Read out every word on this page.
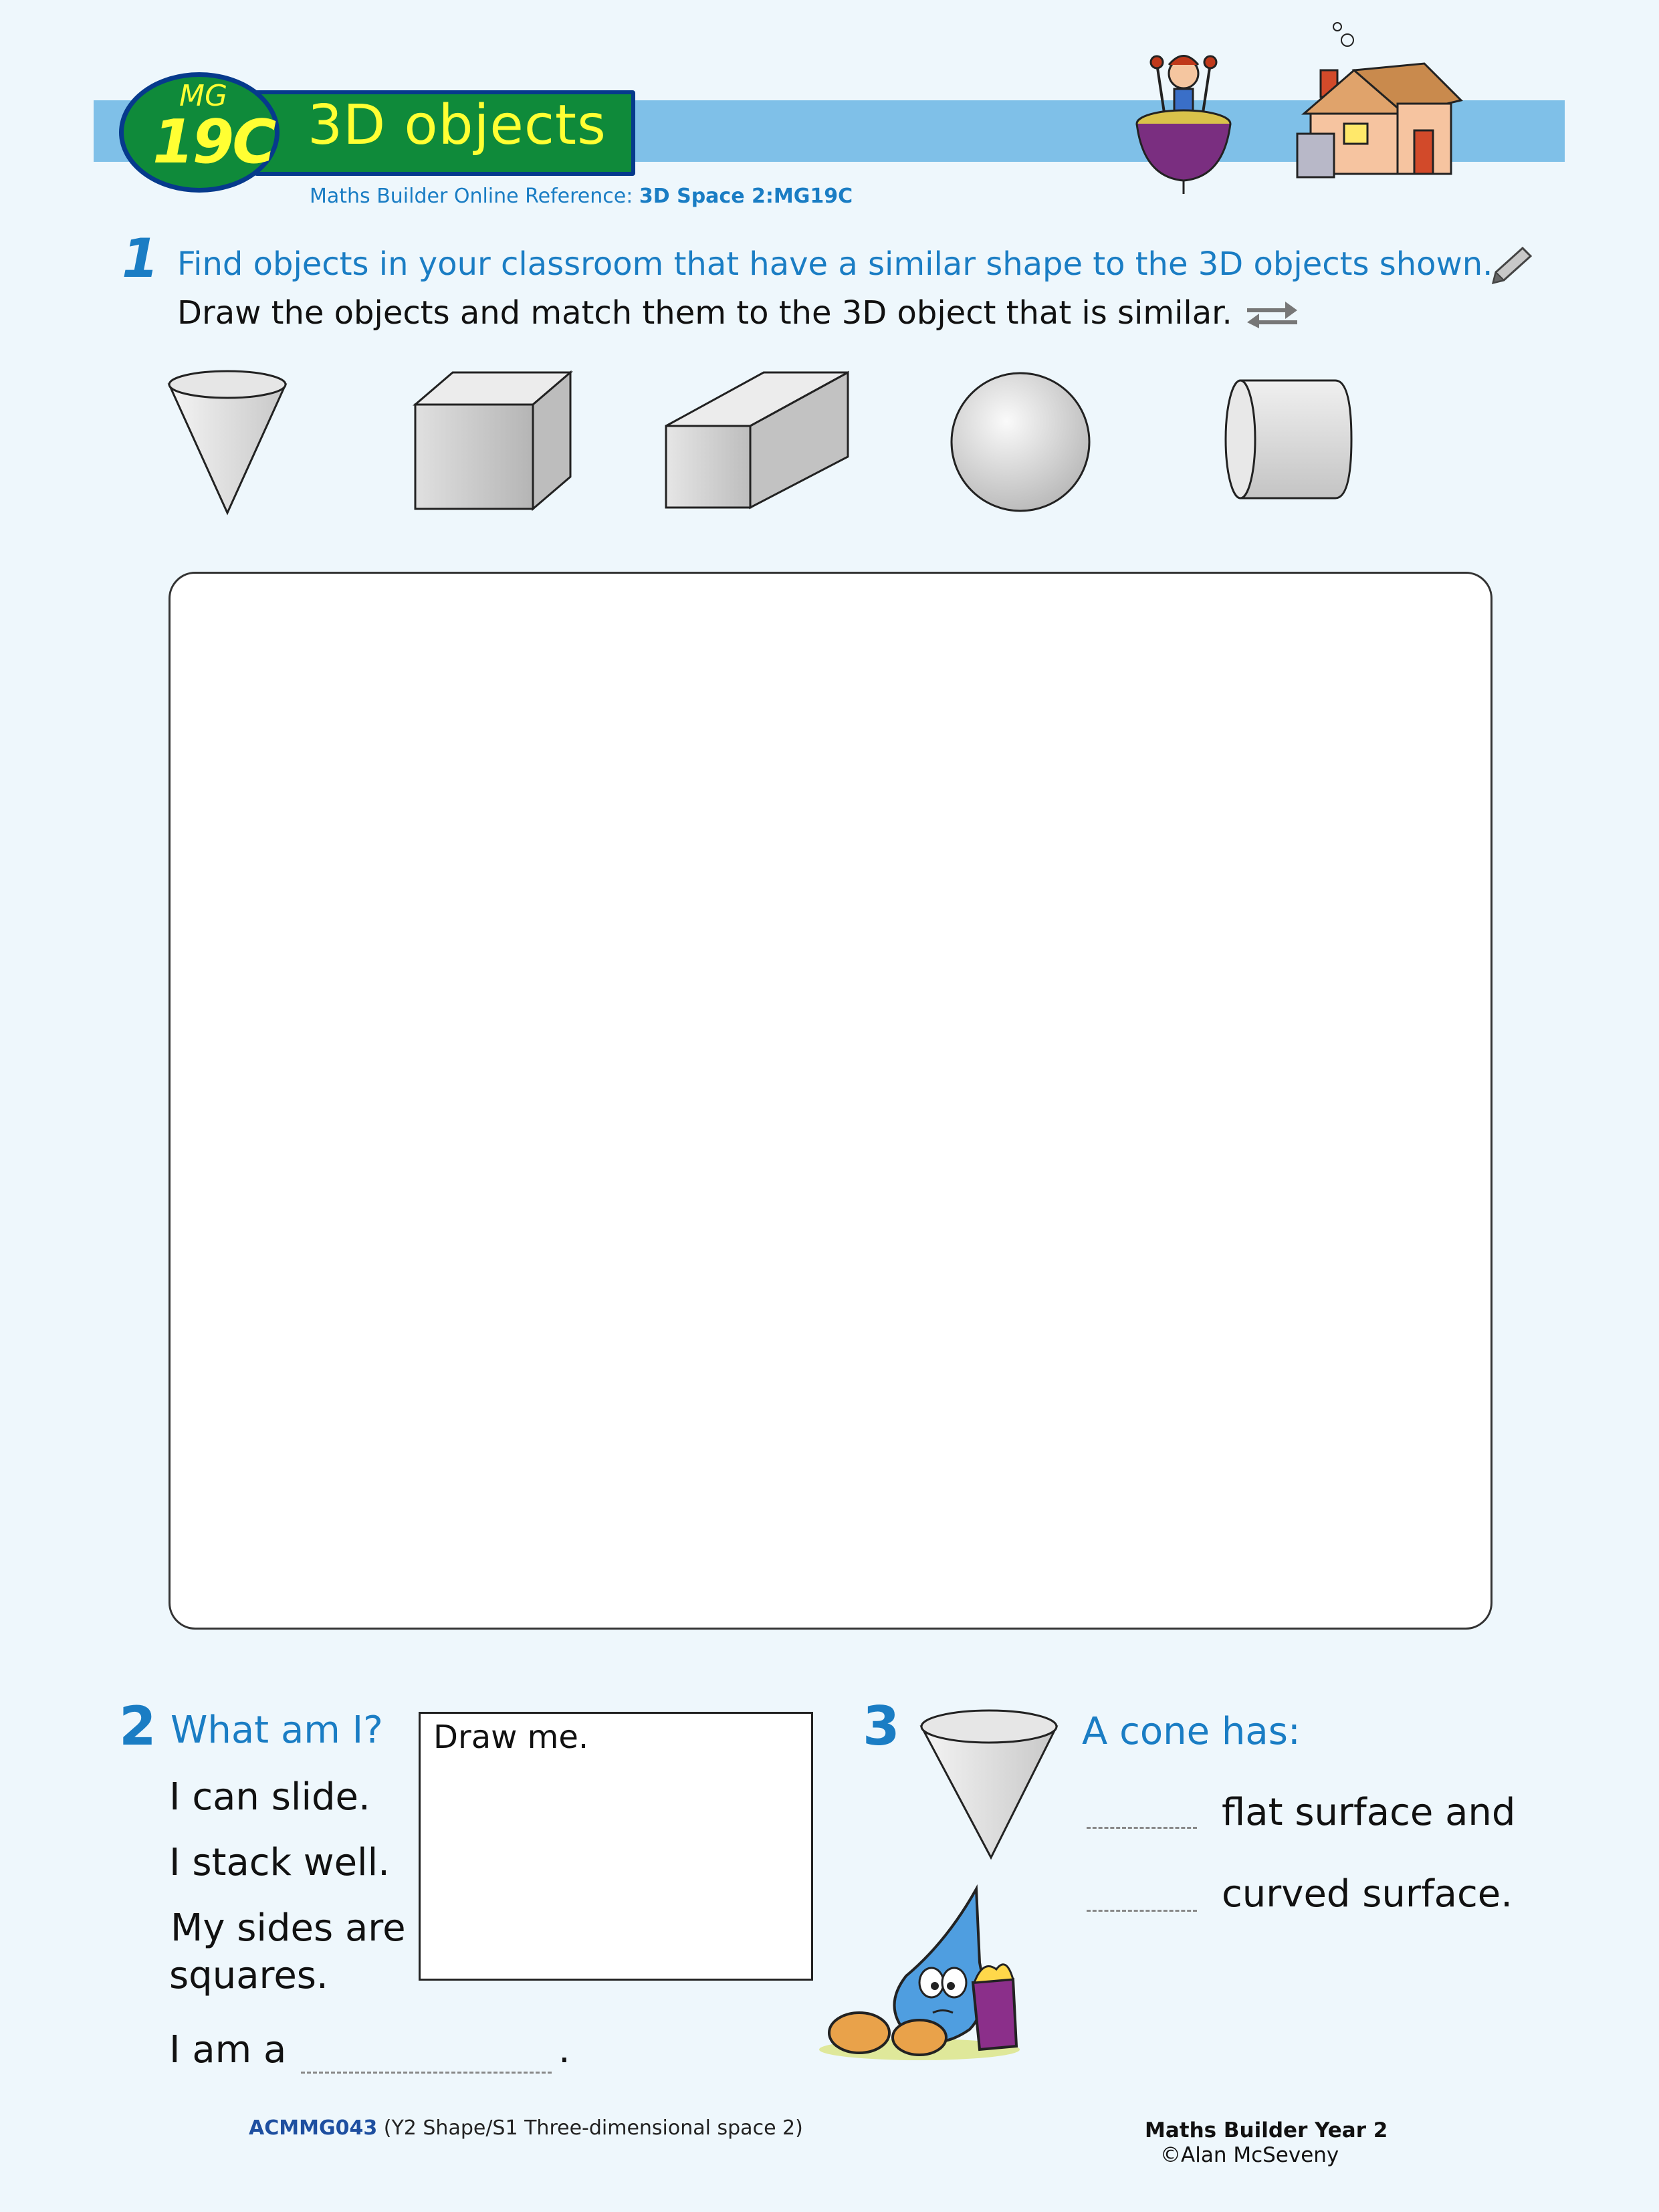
3D objects
MG
19C
Maths Builder Online Reference: 3D Space 2:MG19C
1 Find objects in your classroom that have a similar shape to the 3D objects shown.
Draw the objects and match them to the 3D object that is similar.
2 What am I?
I can slide.
I stack well.
My sides are
squares.
I am a	.
Draw me.	3	A cone has:
flat surface and
curved surface.
ACMMG043 (Y2 Shape/S1 Three-dimensional space 2)	Maths Builder Year 2
©Alan McSeveny
